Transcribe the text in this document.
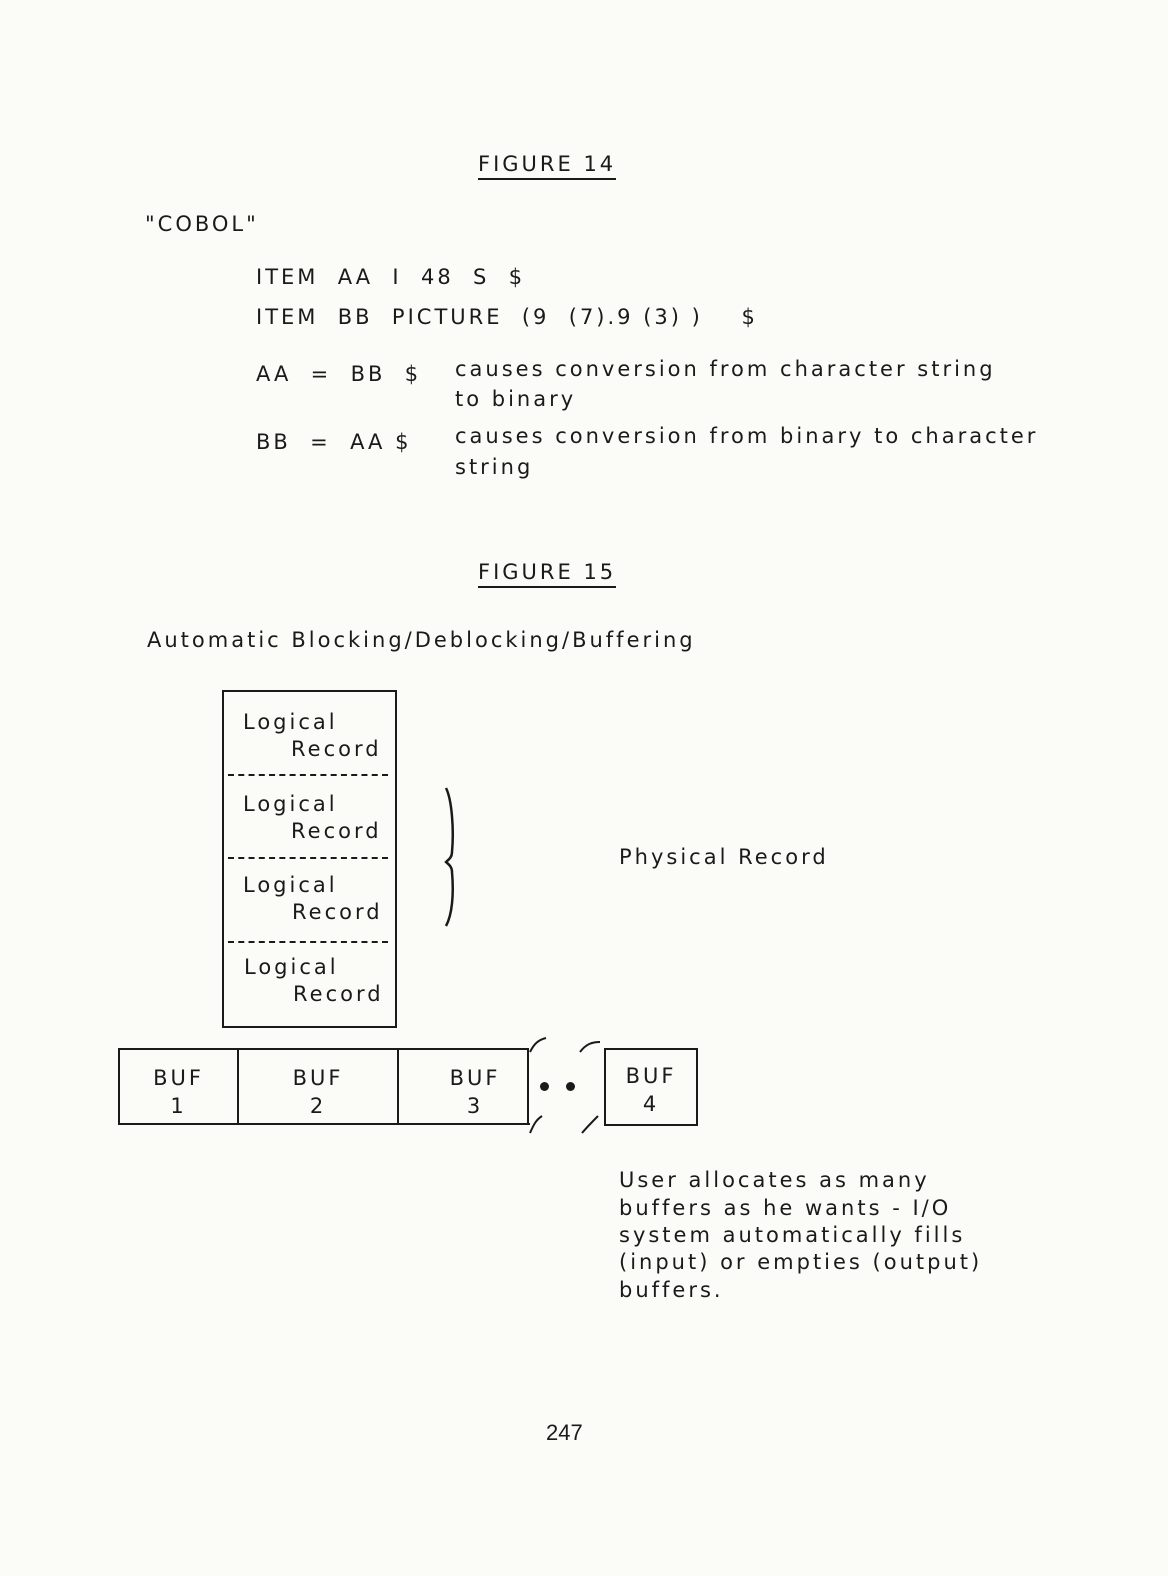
FIGURE 14
"COBOL"
ITEM  AA  I  48  S  $
ITEM  BB  PICTURE  (9  (7).9 (3) )    $
AA  =  BB  $ causes conversion from character string
to binary
BB  =  AA $ causes conversion from binary to character
string
FIGURE 15
Automatic Blocking/Deblocking/Buffering
Logical
Record
Logical
Record
Logical
Record
Logical
Record
Physical Record
BUF
1
BUF
2
BUF
3
BUF
4
User allocates as many
buffers as he wants - I/O
system automatically fills
(input) or empties (output)
buffers.
247
